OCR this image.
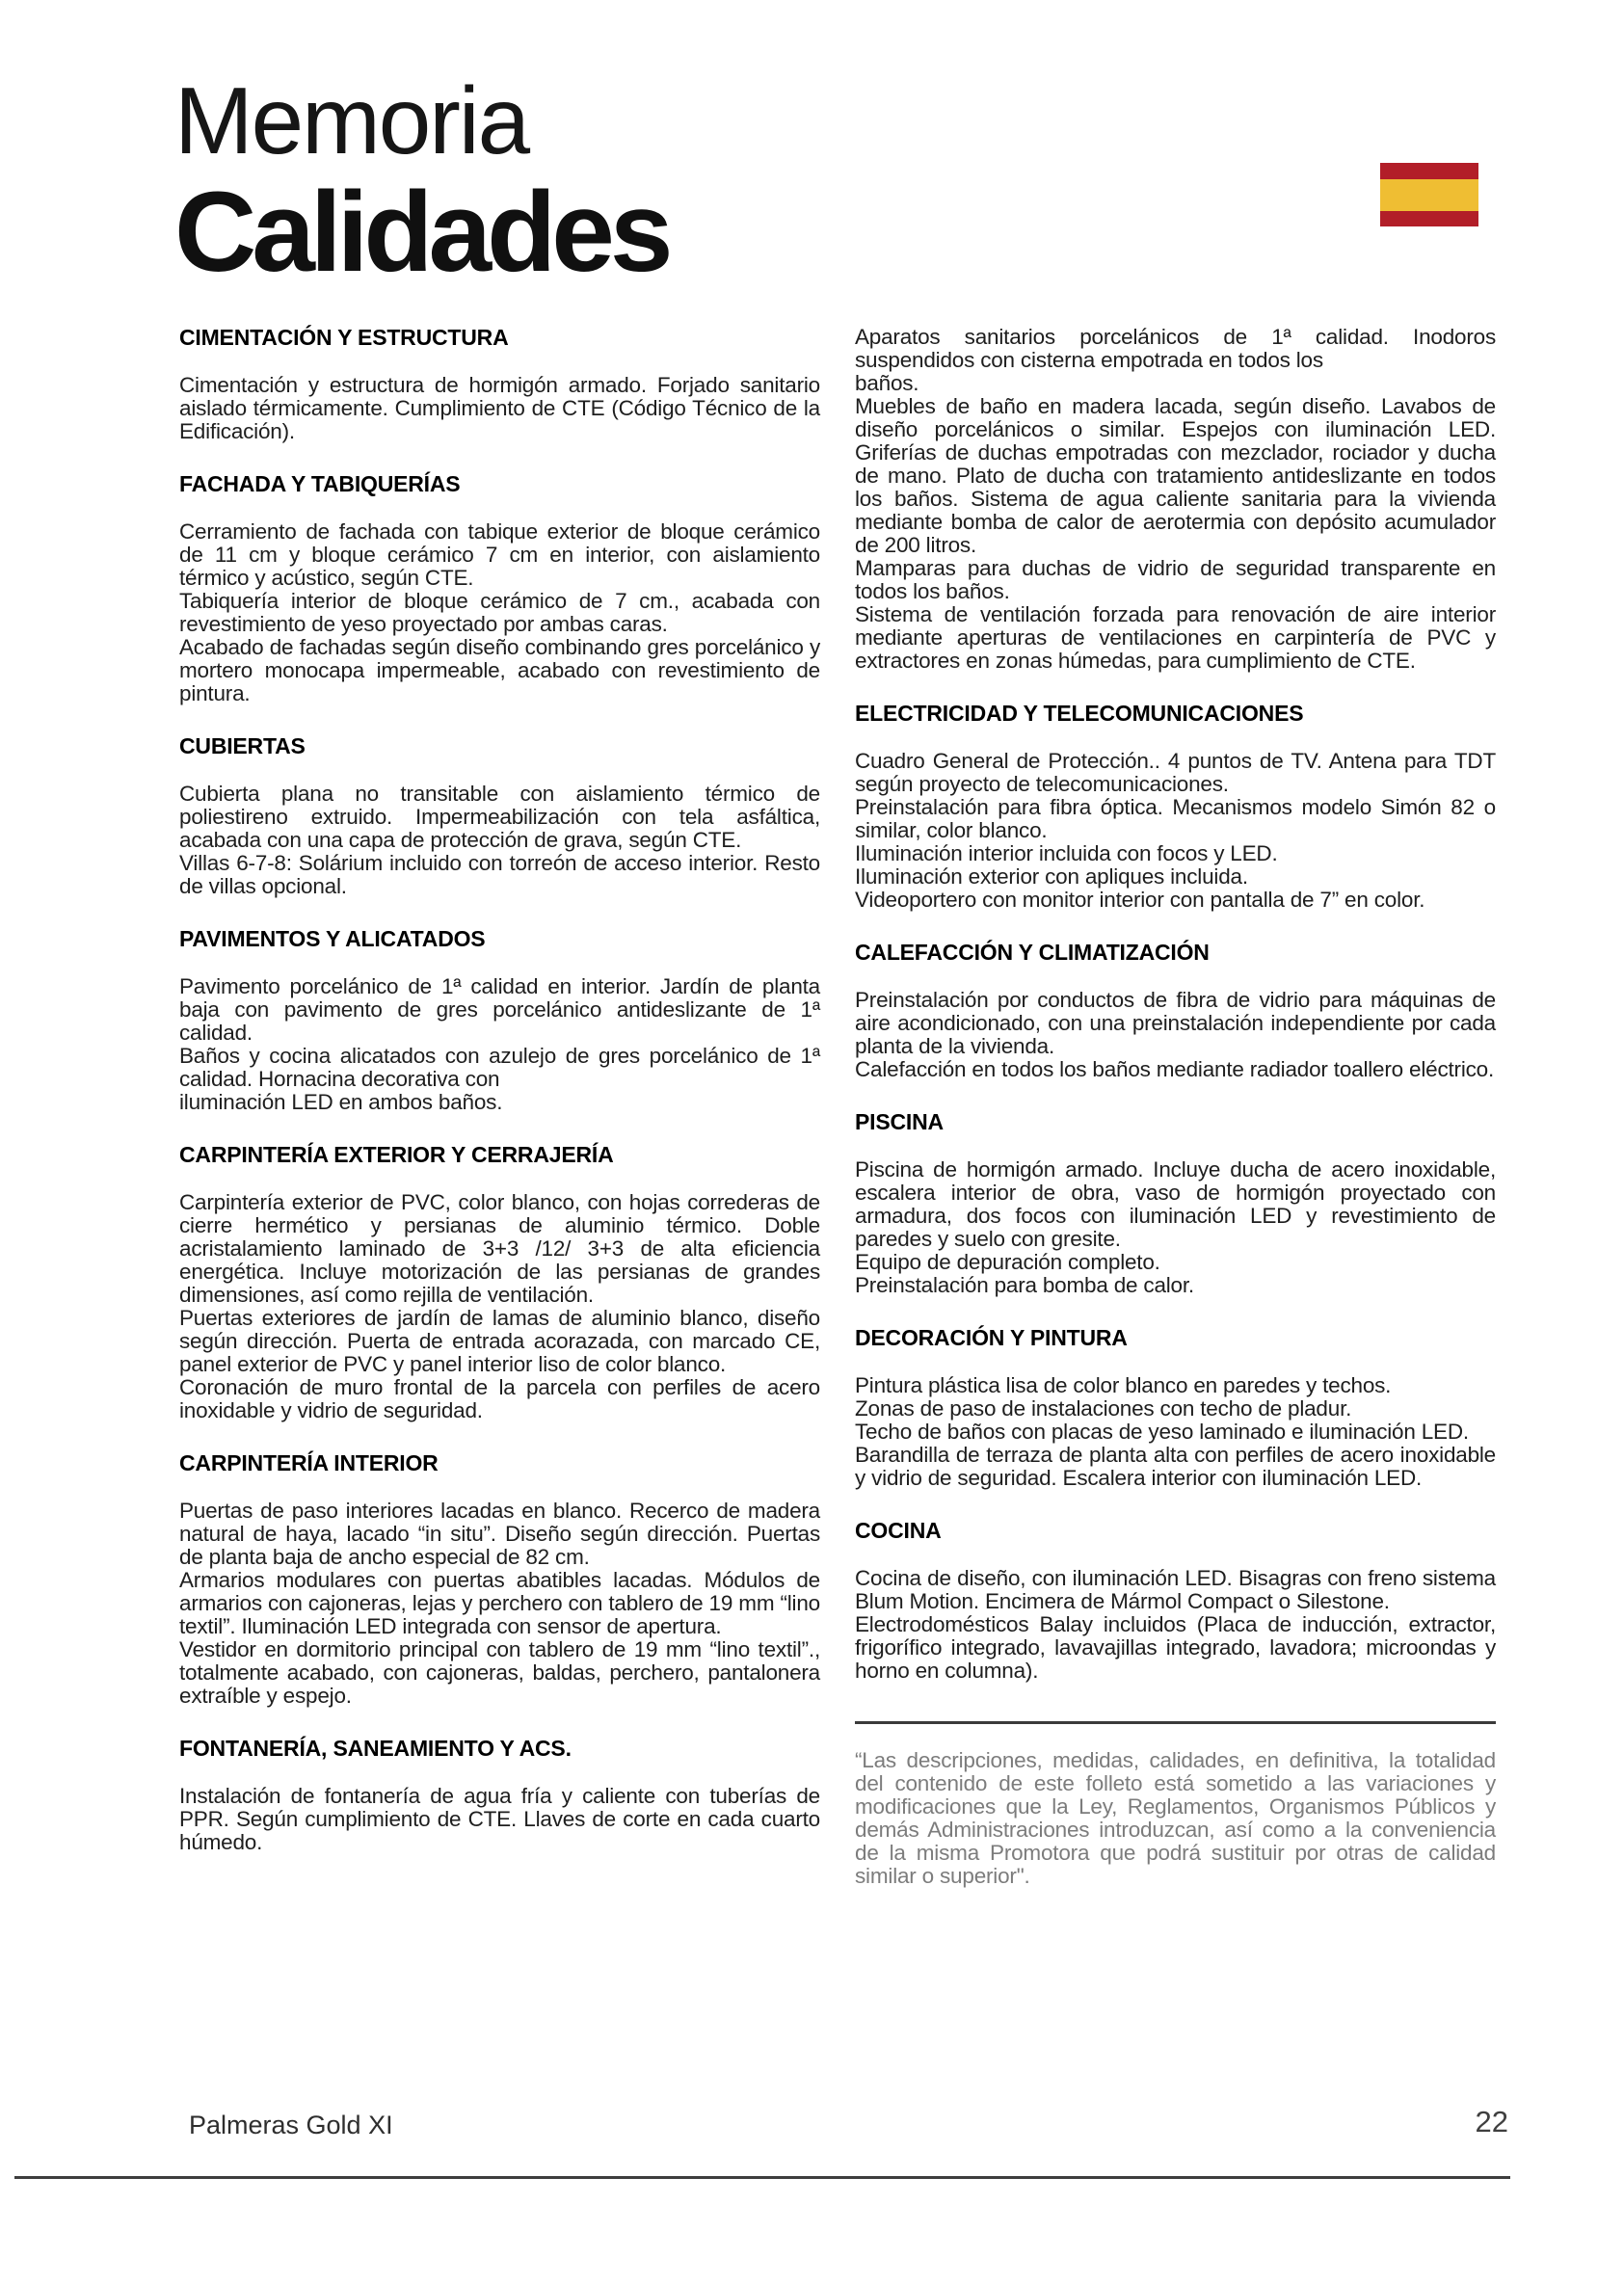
Memoria
Calidades
CIMENTACIÓN Y ESTRUCTURA

Cimentación y estructura de hormigón armado. Forjado sanitario aislado térmicamente. Cumplimiento de CTE (Código Técnico de la Edificación).

FACHADA Y TABIQUERÍAS

Cerramiento de fachada con tabique exterior de bloque cerámico de 11 cm y bloque cerámico 7 cm en interior, con aislamiento térmico y acústico, según CTE.

Tabiquería interior de bloque cerámico de 7 cm., acabada con revestimiento de yeso proyectado por ambas caras.

Acabado de fachadas según diseño combinando gres porcelánico y mortero monocapa impermeable, acabado con revestimiento de pintura.

CUBIERTAS

Cubierta plana no transitable con aislamiento térmico de poliestireno extruido. Impermeabilización con tela asfáltica, acabada con una capa de protección de grava, según CTE.

Villas 6-7-8: Solárium incluido con torreón de acceso interior. Resto de villas opcional.

PAVIMENTOS Y ALICATADOS

Pavimento porcelánico de 1ª calidad en interior. Jardín de planta baja con pavimento de gres porcelánico antideslizante de 1ª calidad.

Baños y cocina alicatados con azulejo de gres porcelánico de 1ª calidad. Hornacina decorativa con

iluminación LED en ambos baños.

CARPINTERÍA EXTERIOR Y CERRAJERÍA

Carpintería exterior de PVC, color blanco, con hojas correderas de cierre hermético y persianas de aluminio térmico. Doble acristalamiento laminado de 3+3 /12/ 3+3 de alta eficiencia energética. Incluye motorización de las persianas de grandes dimensiones, así como rejilla de ventilación.

Puertas exteriores de jardín de lamas de aluminio blanco, diseño según dirección. Puerta de entrada acorazada, con marcado CE, panel exterior de PVC y panel interior liso de color blanco.

Coronación de muro frontal de la parcela con perfiles de acero inoxidable y vidrio de seguridad.

CARPINTERÍA INTERIOR

Puertas de paso interiores lacadas en blanco. Recerco de madera natural de haya, lacado “in situ”. Diseño según dirección. Puertas de planta baja de ancho especial de 82 cm.

Armarios modulares con puertas abatibles lacadas. Módulos de armarios con cajoneras, lejas y perchero con tablero de 19 mm “lino textil”. Iluminación LED integrada con sensor de apertura.

Vestidor en dormitorio principal con tablero de 19 mm “lino textil”., totalmente acabado, con cajoneras, baldas, perchero, pantalonera extraíble y espejo.

FONTANERÍA, SANEAMIENTO Y ACS.

Instalación de fontanería de agua fría y caliente con tuberías de PPR. Según cumplimiento de CTE. Llaves de corte en cada cuarto húmedo.

Aparatos sanitarios porcelánicos de 1ª calidad. Inodoros suspendidos con cisterna empotrada en todos los

baños.

Muebles de baño en madera lacada, según diseño. Lavabos de diseño porcelánicos o similar. Espejos con iluminación LED. Griferías de duchas empotradas con mezclador, rociador y ducha de mano. Plato de ducha con tratamiento antideslizante en todos los baños. Sistema de agua caliente sanitaria para la vivienda mediante bomba de calor de aerotermia con depósito acumulador de 200 litros.

Mamparas para duchas de vidrio de seguridad transparente en todos los baños.

Sistema de ventilación forzada para renovación de aire interior mediante aperturas de ventilaciones en carpintería de PVC y extractores en zonas húmedas, para cumplimiento de CTE.

ELECTRICIDAD Y TELECOMUNICACIONES

Cuadro General de Protección.. 4 puntos de TV. Antena para TDT según proyecto de telecomunicaciones.

Preinstalación para fibra óptica. Mecanismos modelo Simón 82 o similar, color blanco.

Iluminación interior incluida con focos y LED.

Iluminación exterior con apliques incluida.

Videoportero con monitor interior con pantalla de 7” en color.

CALEFACCIÓN Y CLIMATIZACIÓN

Preinstalación por conductos de fibra de vidrio para máquinas de aire acondicionado, con una preinstalación independiente por cada planta de la vivienda.

Calefacción en todos los baños mediante radiador toallero eléctrico.

PISCINA

Piscina de hormigón armado. Incluye ducha de acero inoxidable, escalera interior de obra, vaso de hormigón proyectado con armadura, dos focos con iluminación LED y revestimiento de paredes y suelo con gresite.

Equipo de depuración completo.

Preinstalación para bomba de calor.

DECORACIÓN Y PINTURA

Pintura plástica lisa de color blanco en paredes y techos.

Zonas de paso de instalaciones con techo de pladur.

Techo de baños con placas de yeso laminado e iluminación LED.

Barandilla de terraza de planta alta con perfiles de acero inoxidable y vidrio de seguridad. Escalera interior con iluminación LED.

COCINA

Cocina de diseño, con iluminación LED. Bisagras con freno sistema Blum Motion. Encimera de Mármol Compact o Silestone.

Electrodomésticos Balay incluidos (Placa de inducción, extractor, frigorífico integrado, lavavajillas integrado, lavadora; microondas y horno en columna).

“Las descripciones, medidas, calidades, en definitiva, la totalidad del contenido de este folleto está sometido a las variaciones y modificaciones que la Ley, Reglamentos, Organismos Públicos y demás Administraciones introduzcan, así como a la conveniencia de la misma Promotora que podrá sustituir por otras de calidad similar o superior".

Palmeras Gold XI	22
